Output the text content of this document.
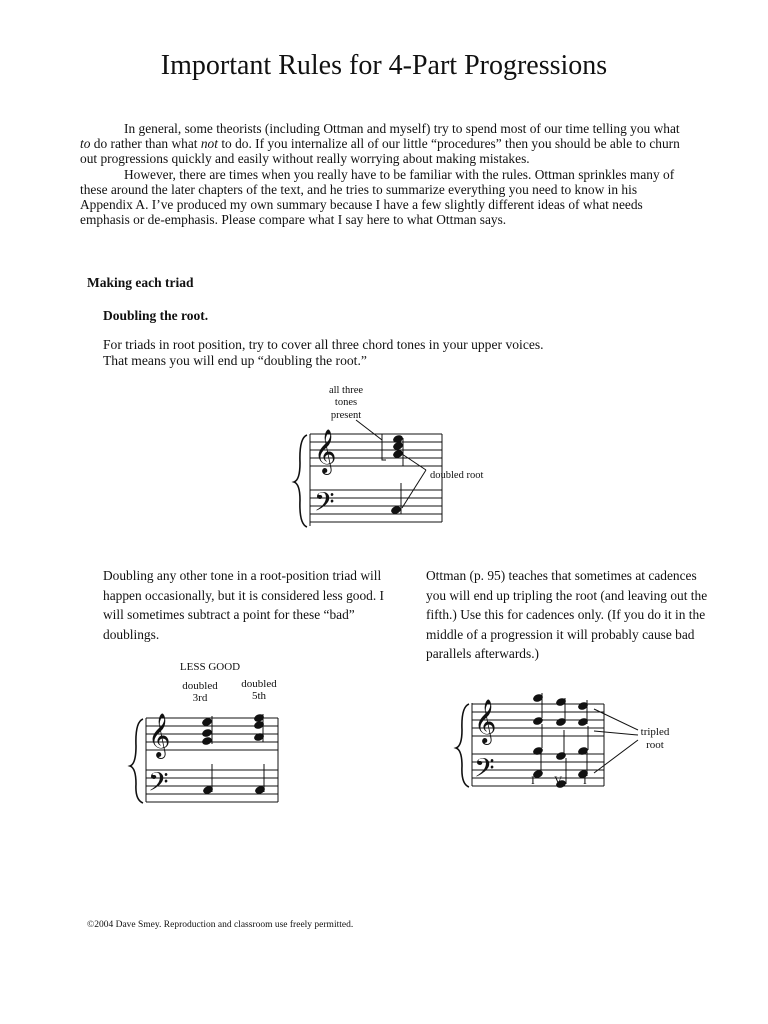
Important Rules for 4-Part Progressions

In general, some theorists (including Ottman and myself) try to spend most of our time telling you what to do rather than what not to do. If you internalize all of our little “procedures” then you should be able to churn out progressions quickly and easily without really worrying about making mistakes.

However, there are times when you really have to be familiar with the rules. Ottman sprinkles many of these around the later chapters of the text, and he tries to summarize everything you need to know in his Appendix A. I’ve produced my own summary because I have a few slightly different ideas of what needs emphasis or de-emphasis. Please compare what I say here to what Ottman says.

Making each triad
Doubling the root.
For triads in root position, try to cover all three chord tones in your upper voices. That means you will end up “doubling the root.”
𝄞
𝄢
all three
tones
present
doubled root
Doubling any other tone in a root-position triad will happen occasionally, but it is considered less good. I will sometimes subtract a point for these “bad” doublings.
Ottman (p. 95) teaches that sometimes at cadences you will end up tripling the root (and leaving out the fifth.) Use this for cadences only. (If you do it in the middle of a progression it will probably cause bad parallels afterwards.)
𝄞
𝄢
LESS GOOD
doubled
3rd
doubled
5th
𝄞
𝄢
tripled
root
I V I
©2004 Dave Smey. Reproduction and classroom use freely permitted.
